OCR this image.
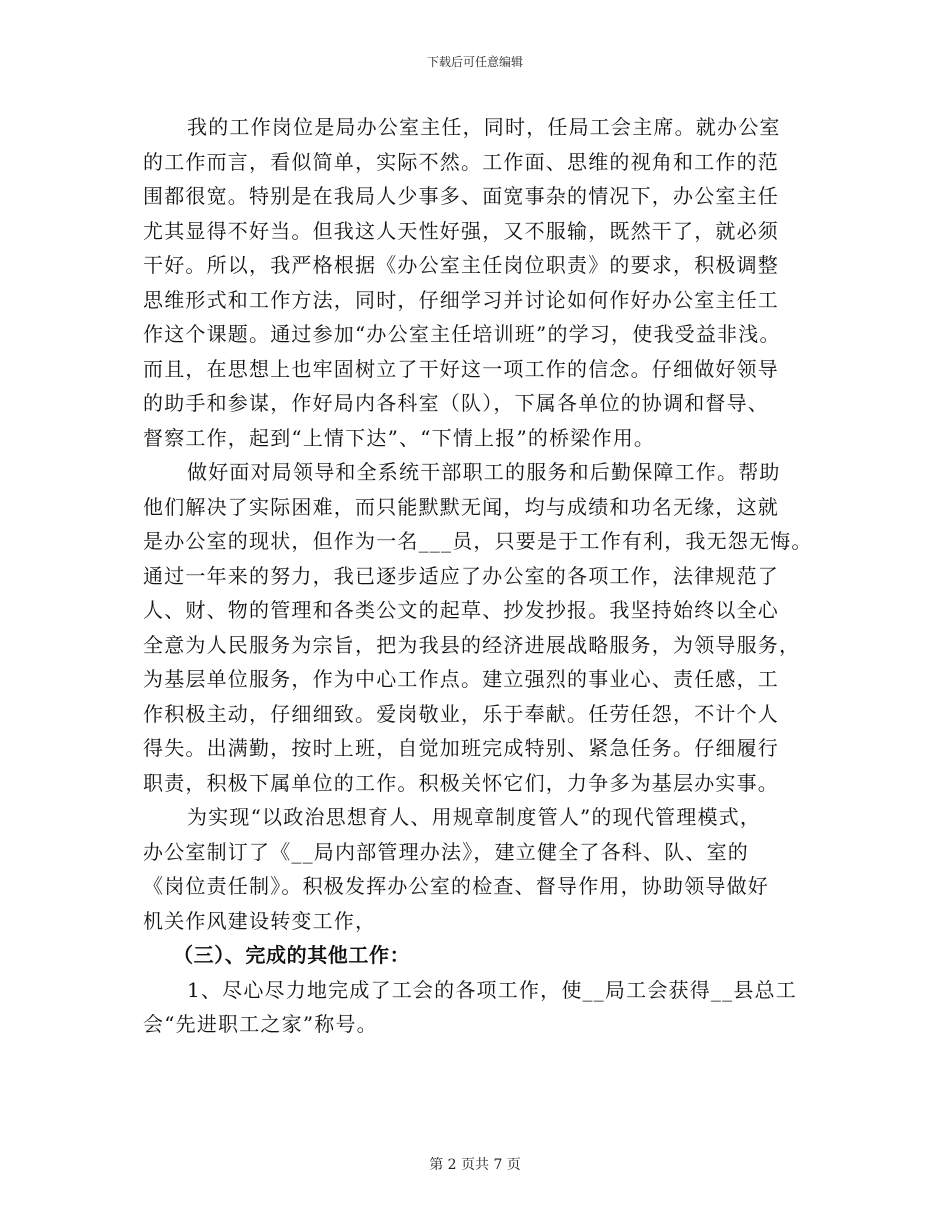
下载后可任意编辑
我的工作岗位是局办公室主任，同时，任局工会主席。就办公室
的工作而言，看似简单，实际不然。工作面、思维的视角和工作的范
围都很宽。特别是在我局人少事多、面宽事杂的情况下，办公室主任
尤其显得不好当。但我这人天性好强，又不服输，既然干了，就必须
干好。所以，我严格根据《办公室主任岗位职责》的要求，积极调整
思维形式和工作方法，同时，仔细学习并讨论如何作好办公室主任工
作这个课题。通过参加“办公室主任培训班”的学习，使我受益非浅。
而且，在思想上也牢固树立了干好这一项工作的信念。仔细做好领导
的助手和参谋，作好局内各科室（队），下属各单位的协调和督导、
督察工作，起到“上情下达”、“下情上报”的桥梁作用。
做好面对局领导和全系统干部职工的服务和后勤保障工作。帮助
他们解决了实际困难，而只能默默无闻，均与成绩和功名无缘，这就
是办公室的现状，但作为一名___员，只要是于工作有利，我无怨无悔。
通过一年来的努力，我已逐步适应了办公室的各项工作，法律规范了
人、财、物的管理和各类公文的起草、抄发抄报。我坚持始终以全心
全意为人民服务为宗旨，把为我县的经济进展战略服务，为领导服务，
为基层单位服务，作为中心工作点。建立强烈的事业心、责任感，工
作积极主动，仔细细致。爱岗敬业，乐于奉献。任劳任怨，不计个人
得失。出满勤，按时上班，自觉加班完成特别、紧急任务。仔细履行
职责，积极下属单位的工作。积极关怀它们，力争多为基层办实事。
为实现“以政治思想育人、用规章制度管人”的现代管理模式，
办公室制订了《__局内部管理办法》，建立健全了各科、队、室的
《岗位责任制》。积极发挥办公室的检查、督导作用，协助领导做好
机关作风建设转变工作，
（三）、完成的其他工作：
1、尽心尽力地完成了工会的各项工作，使__局工会获得__县总工
会“先进职工之家”称号。
第 2 页共 7 页
